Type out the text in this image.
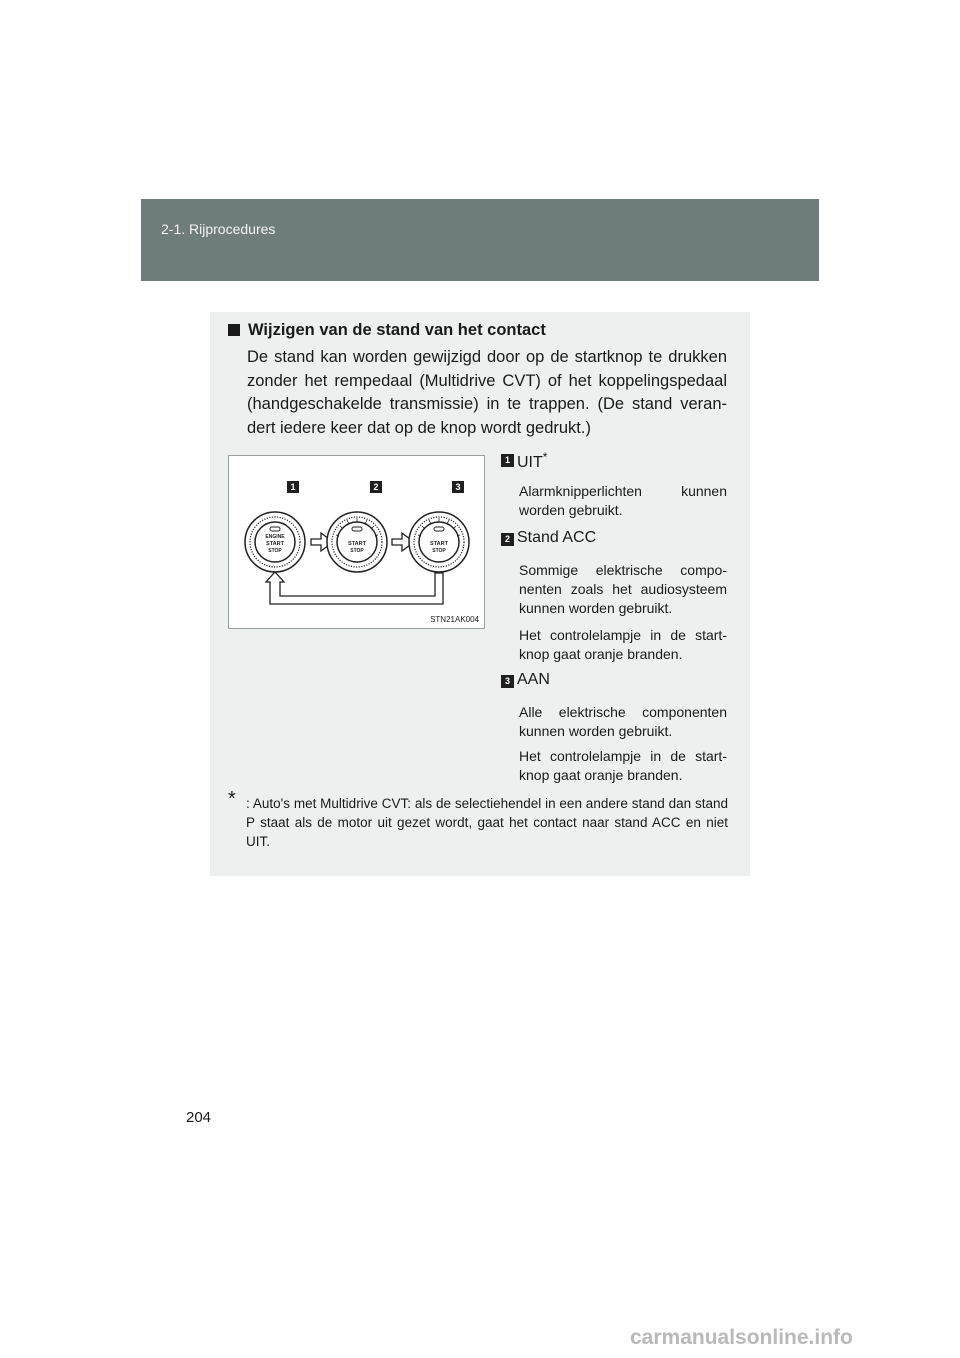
2-1. Rijprocedures
Wijzigen van de stand van het contact
De stand kan worden gewijzigd door op de startknop te drukken zonder het rempedaal (Multidrive CVT) of het koppelingspedaal (handgeschakelde transmissie) in te trappen. (De stand veran-dert iedere keer dat op de knop wordt gedrukt.)
1	2	3
ENGINE
START
STOP
START
STOP
START
STOP
STN21AK004
1 UIT*

Alarmknipperlichten kunnen worden gebruikt.

2 Stand ACC

Sommige elektrische compo-nenten zoals het audiosysteem kunnen worden gebruikt.

Het controlelampje in de start-knop gaat oranje branden.

3 AAN

Alle elektrische componenten kunnen worden gebruikt.

Het controlelampje in de start-knop gaat oranje branden.

* : Auto's met Multidrive CVT: als de selectiehendel in een andere stand dan stand P staat als de motor uit gezet wordt, gaat het contact naar stand ACC en niet UIT.
204
carmanualsonline.info
